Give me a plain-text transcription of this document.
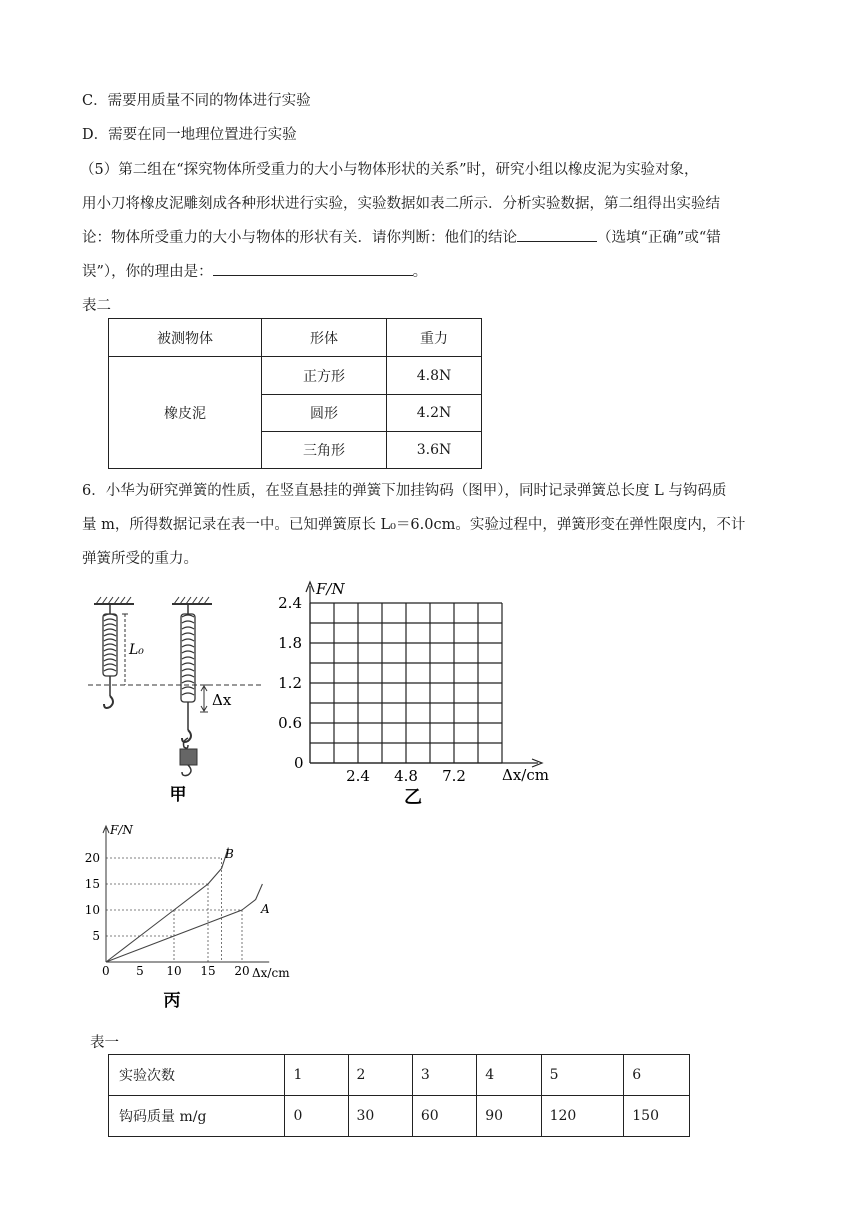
C．需要用质量不同的物体进行实验
D．需要在同一地理位置进行实验
（5）第二组在“探究物体所受重力的大小与物体形状的关系”时，研究小组以橡皮泥为实验对象，
用小刀将橡皮泥雕刻成各种形状进行实验，实验数据如表二所示．分析实验数据，第二组得出实验结
论：物体所受重力的大小与物体的形状有关．请你判断：他们的结论	（选填“正确”或“错
误”），你的理由是：	。
表二
被测物体	形体	重力
橡皮泥	正方形	4.8N
	圆形	4.2N
	三角形	3.6N
6．小华为研究弹簧的性质，在竖直悬挂的弹簧下加挂钩码（图甲），同时记录弹簧总长度 L 与钩码质
量 m，所得数据记录在表一中。已知弹簧原长 L₀＝6.0cm。实验过程中，弹簧形变在弹性限度内，不计
弹簧所受的重力。
L₀
Δx
甲
2.4
1.8
1.2
0.6
2.4 4.8 7.2
F/N
Δx/cm
0
乙
20
15
10
5
5 10 15 20
F/N
Δx/cm
0
A
B
丙
表一
实验次数	1	2	3	4	5	6
钩码质量 m/g	0	30	60	90	120	150
